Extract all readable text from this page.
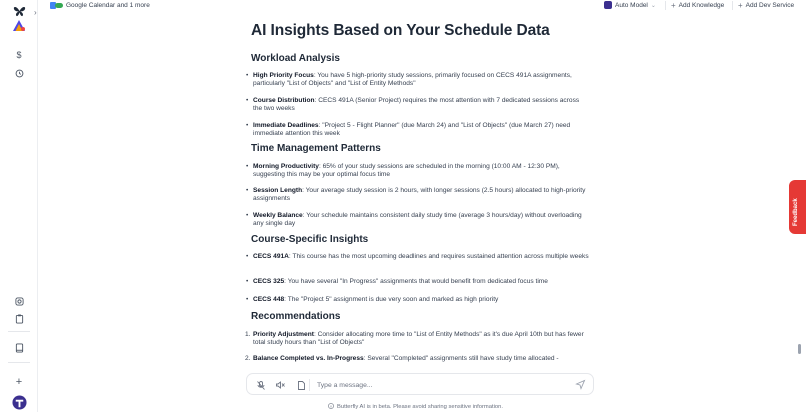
$
+
›
Google Calendar and 1 more	Auto Model ⌄ + Add Knowledge + Add Dev Service
AI Insights Based on Your Schedule Data
Workload Analysis
• High Priority Focus: You have 5 high-priority study sessions, primarily focused on CECS 491A assignments, particularly "List of Objects" and "List of Entity Methods"
• Course Distribution: CECS 491A (Senior Project) requires the most attention with 7 dedicated sessions across the two weeks
• Immediate Deadlines: "Project 5 - Flight Planner" (due March 24) and "List of Objects" (due March 27) need immediate attention this week
Time Management Patterns
• Morning Productivity: 65% of your study sessions are scheduled in the morning (10:00 AM - 12:30 PM), suggesting this may be your optimal focus time
• Session Length: Your average study session is 2 hours, with longer sessions (2.5 hours) allocated to high-priority assignments
• Weekly Balance: Your schedule maintains consistent daily study time (average 3 hours/day) without overloading any single day
Course-Specific Insights
• CECS 491A: This course has the most upcoming deadlines and requires sustained attention across multiple weeks
• CECS 325: You have several "In Progress" assignments that would benefit from dedicated focus time
• CECS 448: The "Project 5" assignment is due very soon and marked as high priority
Recommendations
1. Priority Adjustment: Consider allocating more time to "List of Entity Methods" as it's due April 10th but has fewer total study hours than "List of Objects"
2. Balance Completed vs. In-Progress: Several "Completed" assignments still have study time allocated -
Type a message...
Butterfly AI is in beta. Please avoid sharing sensitive information.
Feedback
